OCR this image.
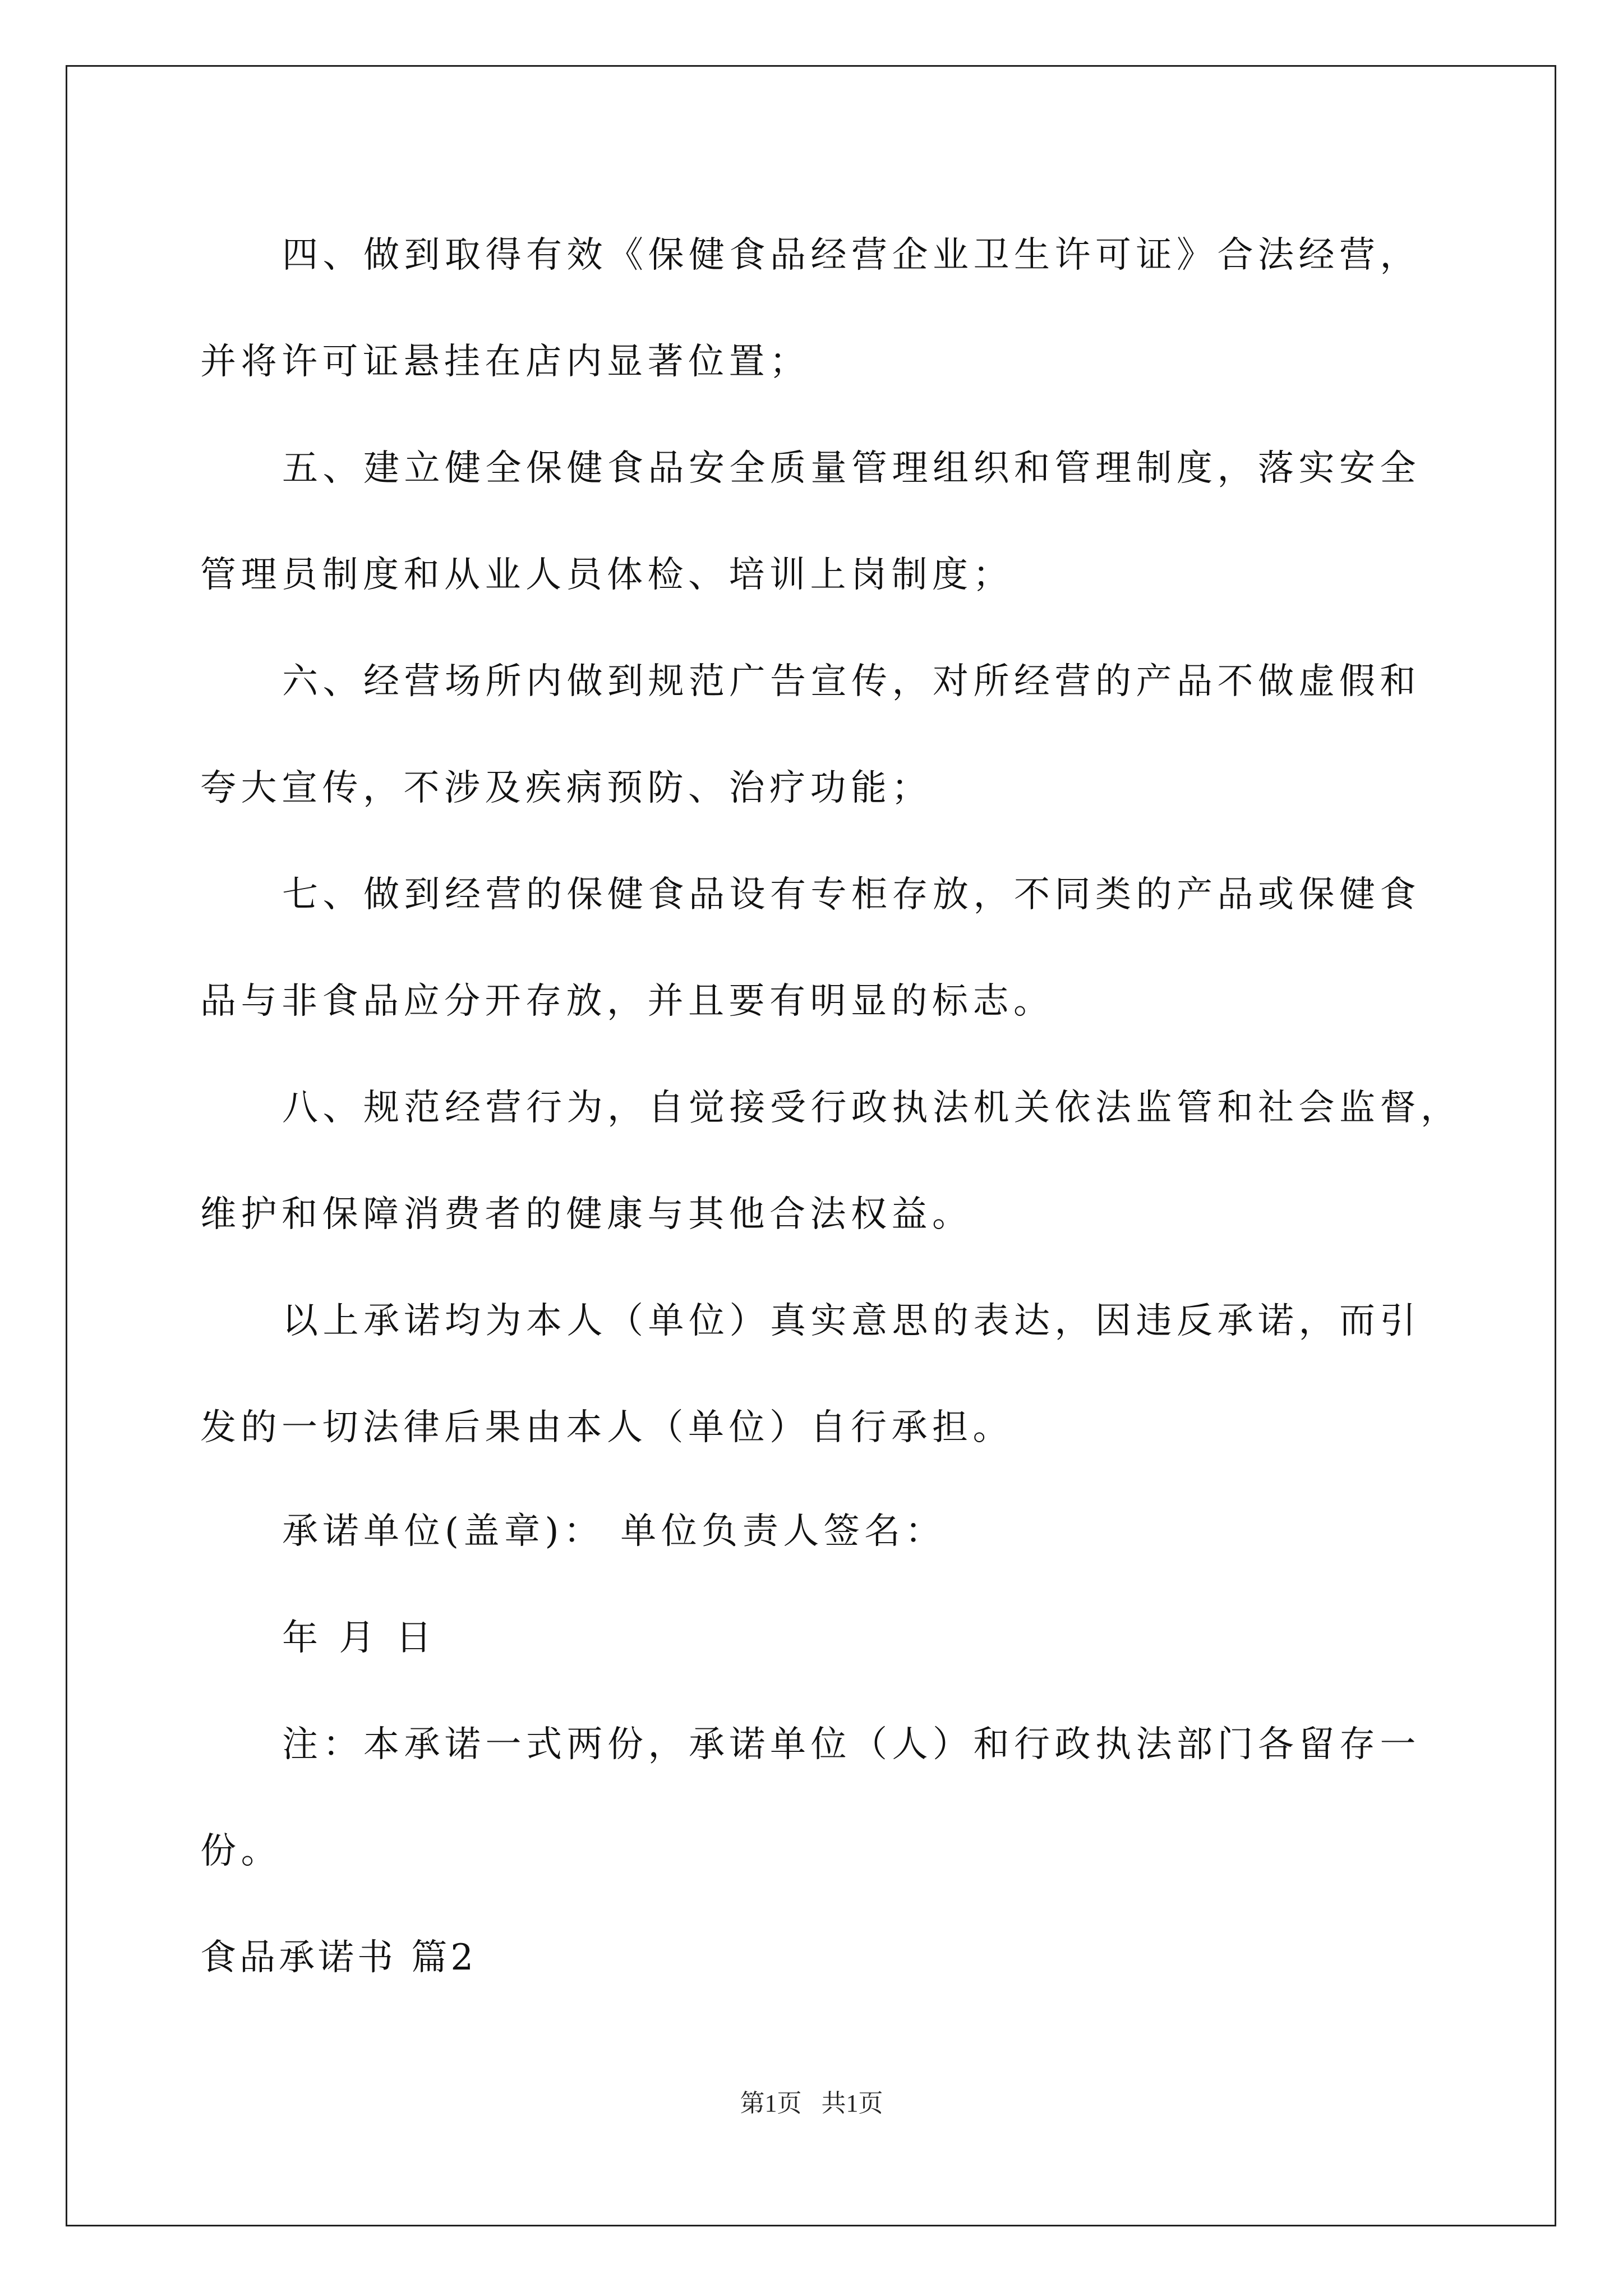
四、做到取得有效《保健食品经营企业卫生许可证》合法经营，
并将许可证悬挂在店内显著位置；
五、建立健全保健食品安全质量管理组织和管理制度，落实安全
管理员制度和从业人员体检、培训上岗制度；
六、经营场所内做到规范广告宣传，对所经营的产品不做虚假和
夸大宣传，不涉及疾病预防、治疗功能；
七、做到经营的保健食品设有专柜存放，不同类的产品或保健食
品与非食品应分开存放，并且要有明显的标志。
八、规范经营行为，自觉接受行政执法机关依法监管和社会监督，
维护和保障消费者的健康与其他合法权益。
以上承诺均为本人（单位）真实意思的表达，因违反承诺，而引
发的一切法律后果由本人（单位）自行承担。
承诺单位(盖章)： 单位负责人签名：
年 月 日
注：本承诺一式两份，承诺单位（人）和行政执法部门各留存一
份。
食品承诺书 篇2
第1页 共1页
